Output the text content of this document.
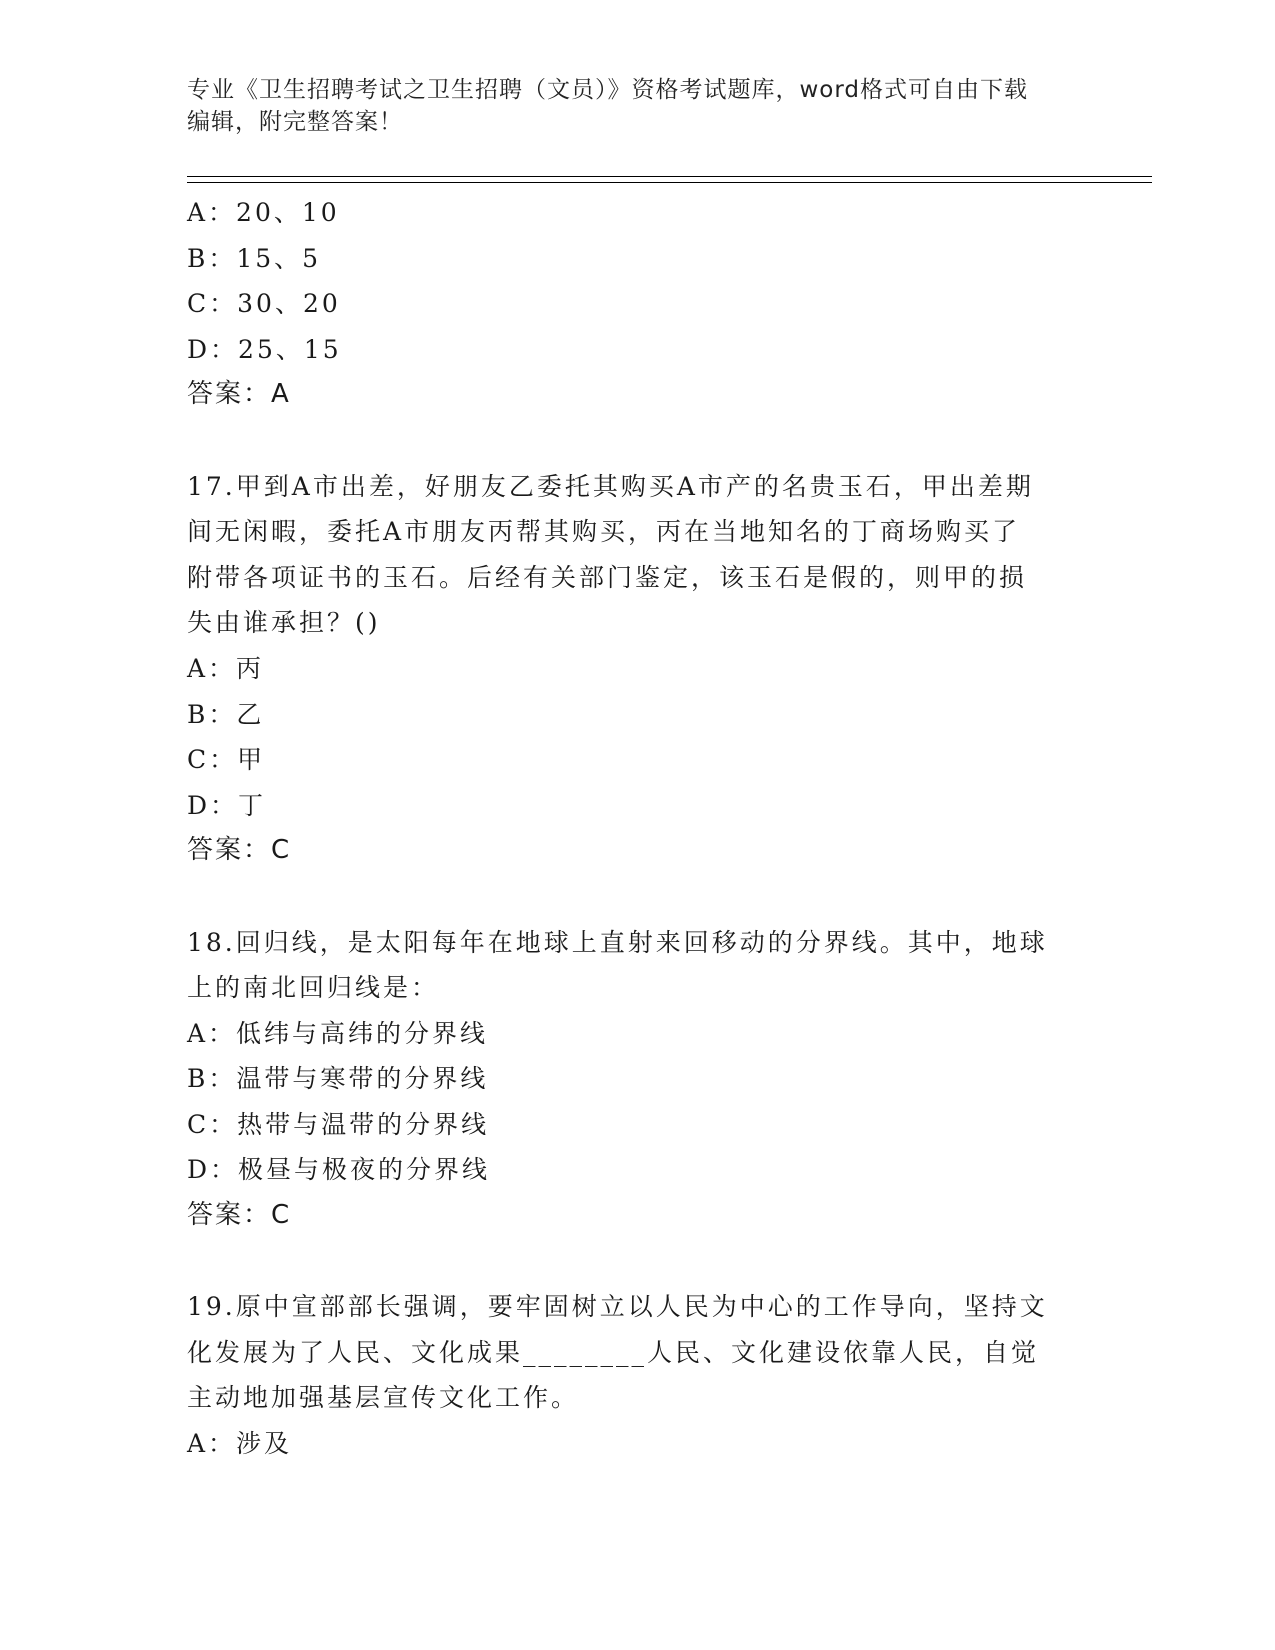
专业《卫生招聘考试之卫生招聘（文员）》资格考试题库，word格式可自由下载
编辑，附完整答案！
A：20、10
B：15、5
C：30、20
D：25、15
答案：A
17.甲到A市出差，好朋友乙委托其购买A市产的名贵玉石，甲出差期
间无闲暇，委托A市朋友丙帮其购买，丙在当地知名的丁商场购买了
附带各项证书的玉石。后经有关部门鉴定，该玉石是假的，则甲的损
失由谁承担？()
A：丙
B：乙
C：甲
D：丁
答案：C
18.回归线，是太阳每年在地球上直射来回移动的分界线。其中，地球
上的南北回归线是：
A：低纬与高纬的分界线
B：温带与寒带的分界线
C：热带与温带的分界线
D：极昼与极夜的分界线
答案：C
19.原中宣部部长强调，要牢固树立以人民为中心的工作导向，坚持文
化发展为了人民、文化成果________人民、文化建设依靠人民，自觉
主动地加强基层宣传文化工作。
A：涉及
